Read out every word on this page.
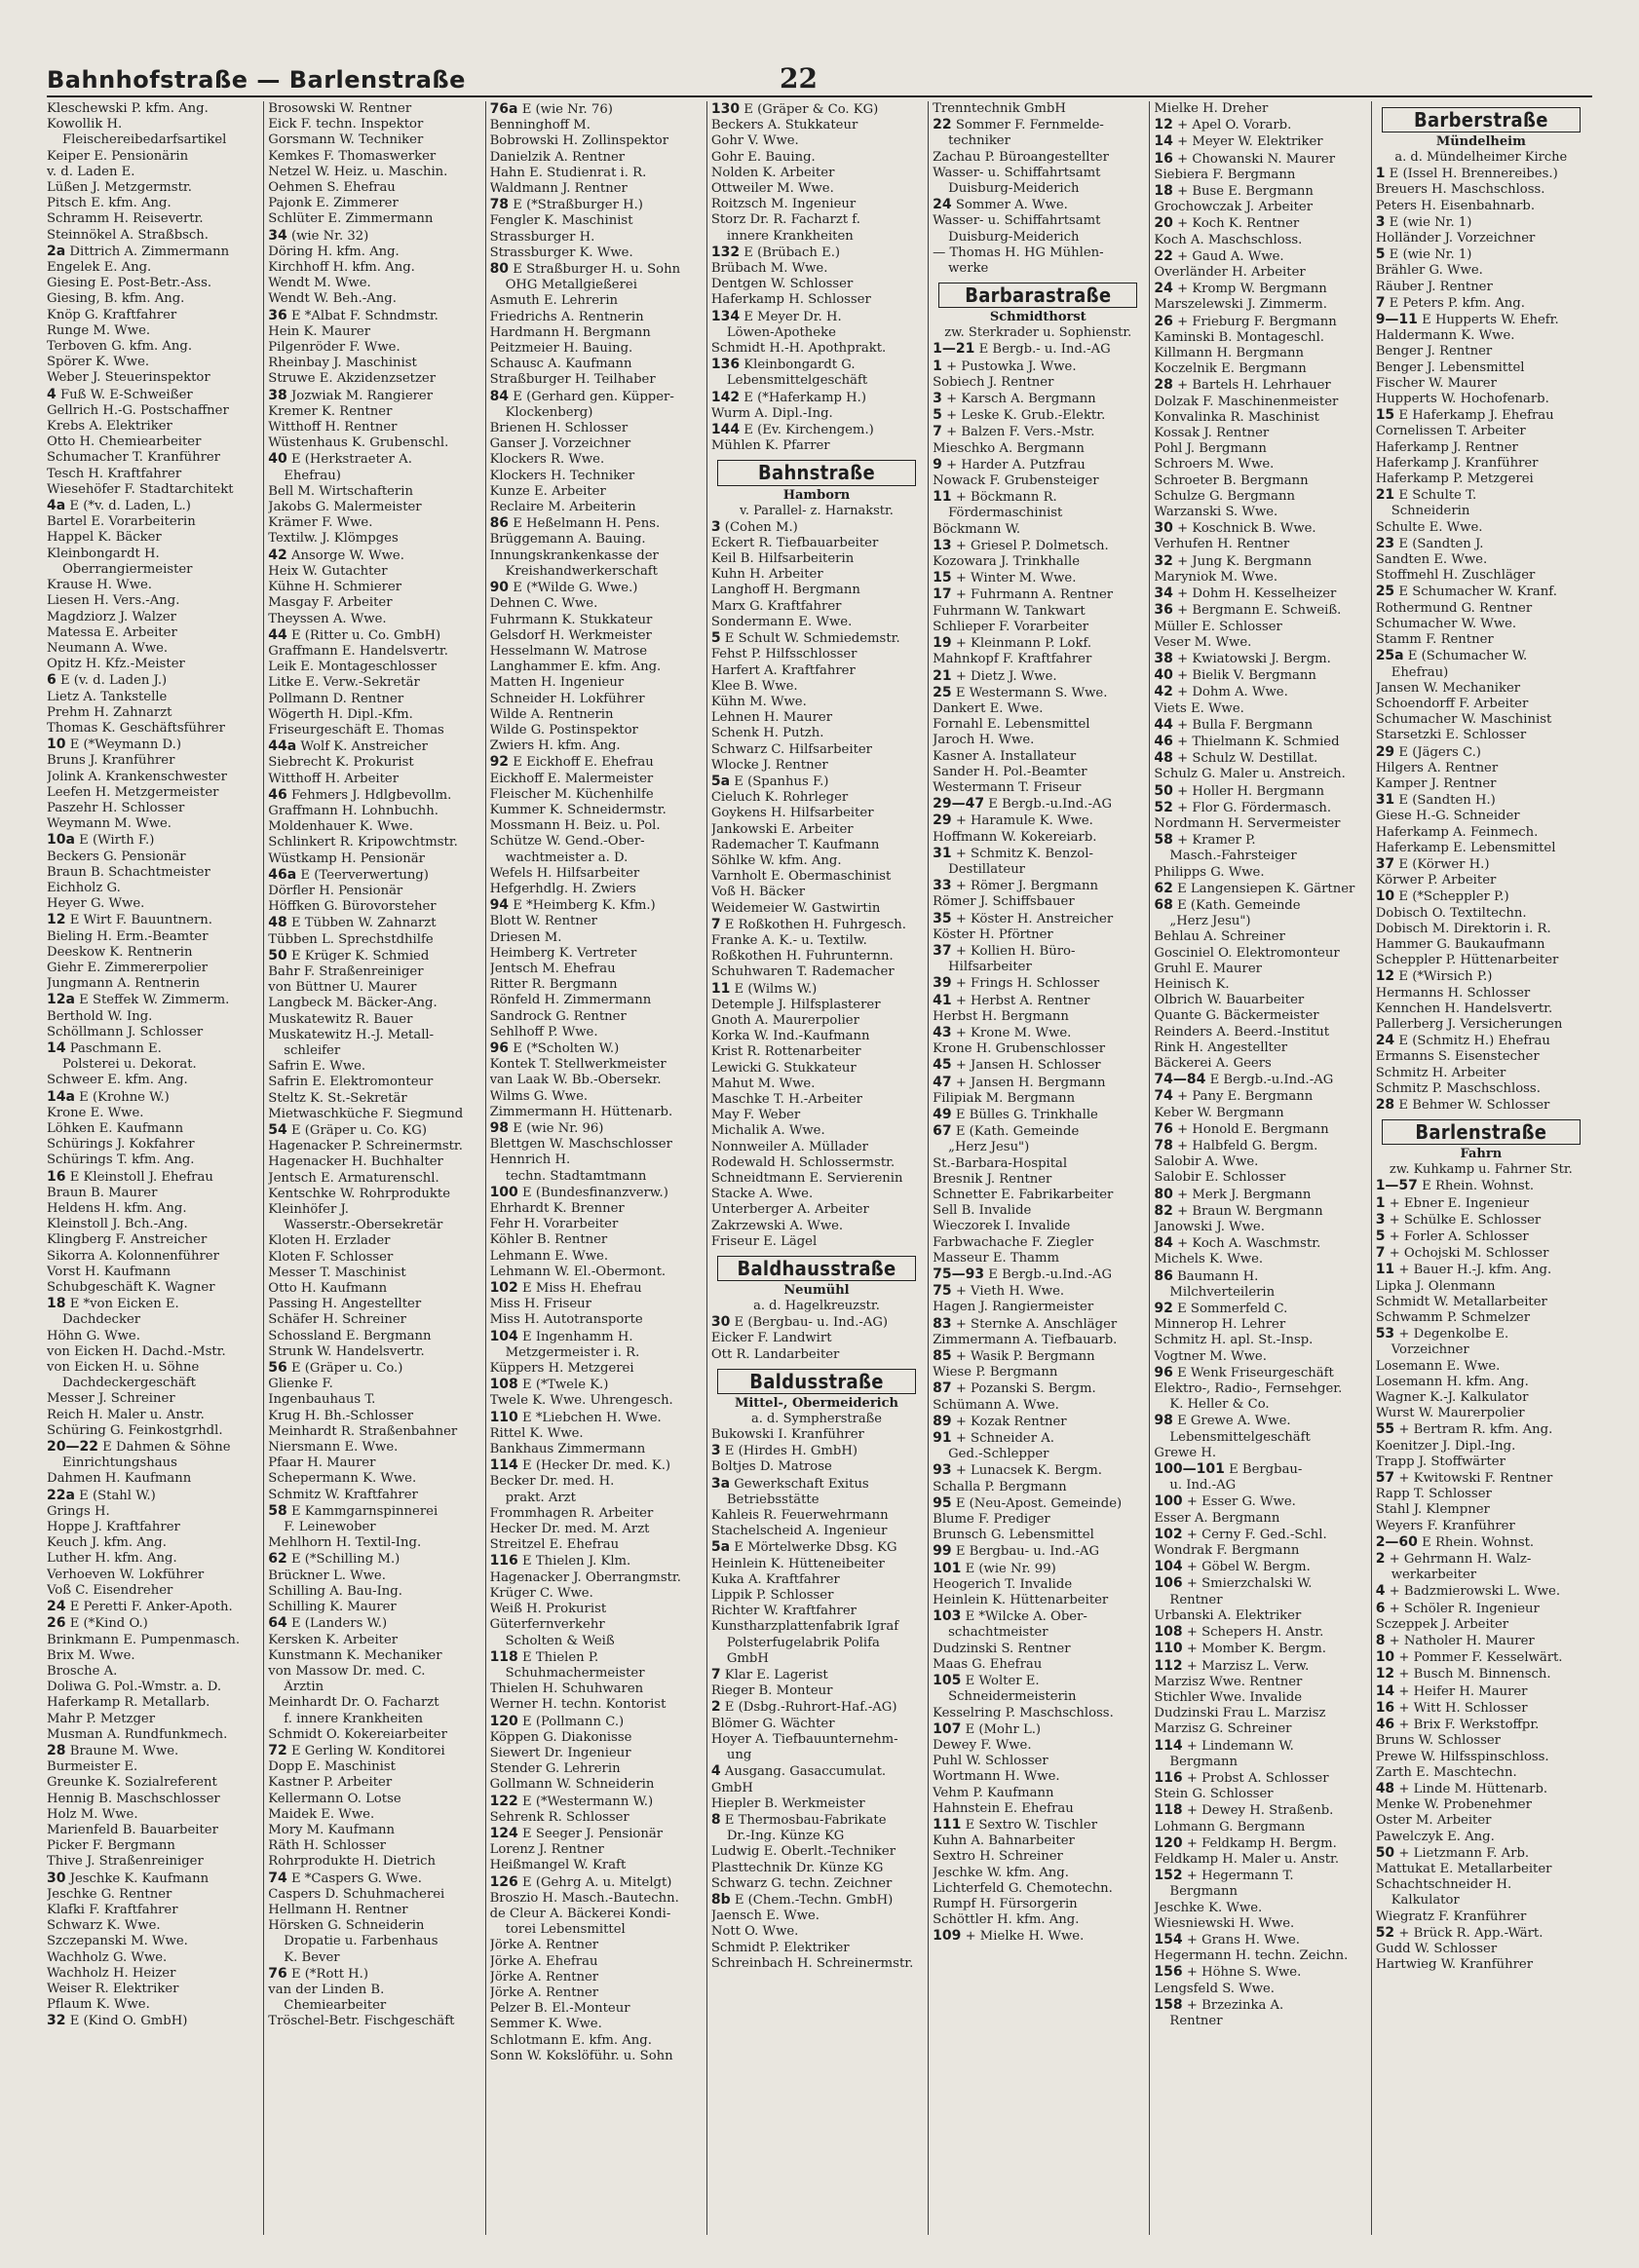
Bahnhofstraße — Barlenstraße	22
Kleschewski P. kfm. Ang.
Kowollik H.
Fleischereibedarfsartikel
Keiper E. Pensionärin
v. d. Laden E.
Lüßen J. Metzgermstr.
Pitsch E. kfm. Ang.
Schramm H. Reisevertr.
Steinnökel A. Straßbsch.
2a Dittrich A. Zimmermann
Engelek E. Ang.
Giesing E. Post-Betr.-Ass.
Giesing, B. kfm. Ang.
Knöp G. Kraftfahrer
Runge M. Wwe.
Terboven G. kfm. Ang.
Spörer K. Wwe.
Weber J. Steuerinspektor
4 Fuß W. E-Schweißer
Gellrich H.-G. Postschaffner
Krebs A. Elektriker
Otto H. Chemiearbeiter
Schumacher T. Kranführer
Tesch H. Kraftfahrer
Wiesehöfer F. Stadtarchitekt
4a E (*v. d. Laden, L.)
Bartel E. Vorarbeiterin
Happel K. Bäcker
Kleinbongardt H.
Oberrangiermeister
Krause H. Wwe.
Liesen H. Vers.-Ang.
Magdziorz J. Walzer
Matessa E. Arbeiter
Neumann A. Wwe.
Opitz H. Kfz.-Meister
6 E (v. d. Laden J.)
Lietz A. Tankstelle
Prehm H. Zahnarzt
Thomas K. Geschäftsführer
10 E (*Weymann D.)
Bruns J. Kranführer
Jolink A. Krankenschwester
Leefen H. Metzgermeister
Paszehr H. Schlosser
Weymann M. Wwe.
10a E (Wirth F.)
Beckers G. Pensionär
Braun B. Schachtmeister
Eichholz G.
Heyer G. Wwe.
12 E Wirt F. Bauuntnern.
Bieling H. Erm.-Beamter
Deeskow K. Rentnerin
Giehr E. Zimmererpolier
Jungmann A. Rentnerin
12a E Steffek W. Zimmerm.
Berthold W. Ing.
Schöllmann J. Schlosser
14 Paschmann E.
Polsterei u. Dekorat.
Schweer E. kfm. Ang.
14a E (Krohne W.)
Krone E. Wwe.
Löhken E. Kaufmann
Schürings J. Kokfahrer
Schürings T. kfm. Ang.
16 E Kleinstoll J. Ehefrau
Braun B. Maurer
Heldens H. kfm. Ang.
Kleinstoll J. Bch.-Ang.
Klingberg F. Anstreicher
Sikorra A. Kolonnenführer
Vorst H. Kaufmann
Schubgeschäft K. Wagner
18 E *von Eicken E.
Dachdecker
Höhn G. Wwe.
von Eicken H. Dachd.-Mstr.
von Eicken H. u. Söhne
Dachdeckergeschäft
Messer J. Schreiner
Reich H. Maler u. Anstr.
Schüring G. Feinkostgrhdl.
20—22 E Dahmen & Söhne
Einrichtungshaus
Dahmen H. Kaufmann
22a E (Stahl W.)
Grings H.
Hoppe J. Kraftfahrer
Keuch J. kfm. Ang.
Luther H. kfm. Ang.
Verhoeven W. Lokführer
Voß C. Eisendreher
24 E Peretti F. Anker-Apoth.
26 E (*Kind O.)
Brinkmann E. Pumpenmasch.
Brix M. Wwe.
Brosche A.
Doliwa G. Pol.-Wmstr. a. D.
Haferkamp R. Metallarb.
Mahr P. Metzger
Musman A. Rundfunkmech.
28 Braune M. Wwe.
Burmeister E.
Greunke K. Sozialreferent
Hennig B. Maschschlosser
Holz M. Wwe.
Marienfeld B. Bauarbeiter
Picker F. Bergmann
Thive J. Straßenreiniger
30 Jeschke K. Kaufmann
Jeschke G. Rentner
Klafki F. Kraftfahrer
Schwarz K. Wwe.
Szczepanski M. Wwe.
Wachholz G. Wwe.
Wachholz H. Heizer
Weiser R. Elektriker
Pflaum K. Wwe.
32 E (Kind O. GmbH)
Brosowski W. Rentner
Eick F. techn. Inspektor
Gorsmann W. Techniker
Kemkes F. Thomaswerker
Netzel W. Heiz. u. Maschin.
Oehmen S. Ehefrau
Pajonk E. Zimmerer
Schlüter E. Zimmermann
34 (wie Nr. 32)
Döring H. kfm. Ang.
Kirchhoff H. kfm. Ang.
Wendt M. Wwe.
Wendt W. Beh.-Ang.
36 E *Albat F. Schndmstr.
Hein K. Maurer
Pilgenröder F. Wwe.
Rheinbay J. Maschinist
Struwe E. Akzidenzsetzer
38 Jozwiak M. Rangierer
Kremer K. Rentner
Witthoff H. Rentner
Wüstenhaus K. Grubenschl.
40 E (Herkstraeter A.
Ehefrau)
Bell M. Wirtschafterin
Jakobs G. Malermeister
Krämer F. Wwe.
Textilw. J. Klömpges
42 Ansorge W. Wwe.
Heix W. Gutachter
Kühne H. Schmierer
Masgay F. Arbeiter
Theyssen A. Wwe.
44 E (Ritter u. Co. GmbH)
Graffmann E. Handelsvertr.
Leik E. Montageschlosser
Litke E. Verw.-Sekretär
Pollmann D. Rentner
Wögerth H. Dipl.-Kfm.
Friseurgeschäft E. Thomas
44a Wolf K. Anstreicher
Siebrecht K. Prokurist
Witthoff H. Arbeiter
46 Fehmers J. Hdlgbevollm.
Graffmann H. Lohnbuchh.
Moldenhauer K. Wwe.
Schlinkert R. Kripowchtmstr.
Wüstkamp H. Pensionär
46a E (Teerverwertung)
Dörfler H. Pensionär
Höffken G. Bürovorsteher
48 E Tübben W. Zahnarzt
Tübben L. Sprechstdhilfe
50 E Krüger K. Schmied
Bahr F. Straßenreiniger
von Büttner U. Maurer
Langbeck M. Bäcker-Ang.
Muskatewitz R. Bauer
Muskatewitz H.-J. Metall-
schleifer
Safrin E. Wwe.
Safrin E. Elektromonteur
Steltz K. St.-Sekretär
Mietwaschküche F. Siegmund
54 E (Gräper u. Co. KG)
Hagenacker P. Schreinermstr.
Hagenacker H. Buchhalter
Jentsch E. Armaturenschl.
Kentschke W. Rohrprodukte
Kleinhöfer J.
Wasserstr.-Obersekretär
Kloten H. Erzlader
Kloten F. Schlosser
Messer T. Maschinist
Otto H. Kaufmann
Passing H. Angestellter
Schäfer H. Schreiner
Schossland E. Bergmann
Strunk W. Handelsvertr.
56 E (Gräper u. Co.)
Glienke F.
Ingenbauhaus T.
Krug H. Bh.-Schlosser
Meinhardt R. Straßenbahner
Niersmann E. Wwe.
Pfaar H. Maurer
Schepermann K. Wwe.
Schmitz W. Kraftfahrer
58 E Kammgarnspinnerei
F. Leinewober
Mehlhorn H. Textil-Ing.
62 E (*Schilling M.)
Brückner L. Wwe.
Schilling A. Bau-Ing.
Schilling K. Maurer
64 E (Landers W.)
Kersken K. Arbeiter
Kunstmann K. Mechaniker
von Massow Dr. med. C.
Ärztin
Meinhardt Dr. O. Facharzt
f. innere Krankheiten
Schmidt O. Kokereiarbeiter
72 E Gerling W. Konditorei
Dopp E. Maschinist
Kastner P. Arbeiter
Kellermann O. Lotse
Maidek E. Wwe.
Mory M. Kaufmann
Räth H. Schlosser
Rohrprodukte H. Dietrich
74 E *Caspers G. Wwe.
Caspers D. Schuhmacherei
Hellmann H. Rentner
Hörsken G. Schneiderin
Dropatie u. Farbenhaus
K. Bever
76 E (*Rott H.)
van der Linden B.
Chemiearbeiter
Tröschel-Betr. Fischgeschäft
76a E (wie Nr. 76)
Benninghoff M.
Bobrowski H. Zollinspektor
Danielzik A. Rentner
Hahn E. Studienrat i. R.
Waldmann J. Rentner
78 E (*Straßburger H.)
Fengler K. Maschinist
Strassburger H.
Strassburger K. Wwe.
80 E Straßburger H. u. Sohn
OHG Metallgießerei
Asmuth E. Lehrerin
Friedrichs A. Rentnerin
Hardmann H. Bergmann
Peitzmeier H. Bauing.
Schausc A. Kaufmann
Straßburger H. Teilhaber
84 E (Gerhard gen. Küpper-
Klockenberg)
Brienen H. Schlosser
Ganser J. Vorzeichner
Klockers R. Wwe.
Klockers H. Techniker
Kunze E. Arbeiter
Reclaire M. Arbeiterin
86 E Heßelmann H. Pens.
Brüggemann A. Bauing.
Innungskrankenkasse der
Kreishandwerkerschaft
90 E (*Wilde G. Wwe.)
Dehnen C. Wwe.
Fuhrmann K. Stukkateur
Gelsdorf H. Werkmeister
Hesselmann W. Matrose
Langhammer E. kfm. Ang.
Matten H. Ingenieur
Schneider H. Lokführer
Wilde A. Rentnerin
Wilde G. Postinspektor
Zwiers H. kfm. Ang.
92 E Eickhoff E. Ehefrau
Eickhoff E. Malermeister
Fleischer M. Küchenhilfe
Kummer K. Schneidermstr.
Mossmann H. Beiz. u. Pol.
Schütze W. Gend.-Ober-
wachtmeister a. D.
Wefels H. Hilfsarbeiter
Hefgerhdlg. H. Zwiers
94 E *Heimberg K. Kfm.)
Blott W. Rentner
Driesen M.
Heimberg K. Vertreter
Jentsch M. Ehefrau
Ritter R. Bergmann
Rönfeld H. Zimmermann
Sandrock G. Rentner
Sehlhoff P. Wwe.
96 E (*Scholten W.)
Kontek T. Stellwerkmeister
van Laak W. Bb.-Obersekr.
Wilms G. Wwe.
Zimmermann H. Hüttenarb.
98 E (wie Nr. 96)
Blettgen W. Maschschlosser
Hennrich H.
techn. Stadtamtmann
100 E (Bundesfinanzverw.)
Ehrhardt K. Brenner
Fehr H. Vorarbeiter
Köhler B. Rentner
Lehmann E. Wwe.
Lehmann W. El.-Obermont.
102 E Miss H. Ehefrau
Miss H. Friseur
Miss H. Autotransporte
104 E Ingenhamm H.
Metzgermeister i. R.
Küppers H. Metzgerei
108 E (*Twele K.)
Twele K. Wwe. Uhrengesch.
110 E *Liebchen H. Wwe.
Rittel K. Wwe.
Bankhaus Zimmermann
114 E (Hecker Dr. med. K.)
Becker Dr. med. H.
prakt. Arzt
Frommhagen R. Arbeiter
Hecker Dr. med. M. Arzt
Streitzel E. Ehefrau
116 E Thielen J. Klm.
Hagenacker J. Oberrangmstr.
Krüger C. Wwe.
Weiß H. Prokurist
Güterfernverkehr
Scholten & Weiß
118 E Thielen P.
Schuhmachermeister
Thielen H. Schuhwaren
Werner H. techn. Kontorist
120 E (Pollmann C.)
Köppen G. Diakonisse
Siewert Dr. Ingenieur
Stender G. Lehrerin
Gollmann W. Schneiderin
122 E (*Westermann W.)
Sehrenk R. Schlosser
124 E Seeger J. Pensionär
Lorenz J. Rentner
Heißmangel W. Kraft
126 E (Gehrg A. u. Mitelgt)
Broszio H. Masch.-Bautechn.
de Cleur A. Bäckerei Kondi-
torei Lebensmittel
Jörke A. Rentner
Jörke A. Ehefrau
Jörke A. Rentner
Jörke A. Rentner
Pelzer B. El.-Monteur
Semmer K. Wwe.
Schlotmann E. kfm. Ang.
Sonn W. Kokslöführ. u. Sohn
130 E (Gräper & Co. KG)
Beckers A. Stukkateur
Gohr V. Wwe.
Gohr E. Bauing.
Nolden K. Arbeiter
Ottweiler M. Wwe.
Roitzsch M. Ingenieur
Storz Dr. R. Facharzt f.
innere Krankheiten
132 E (Brübach E.)
Brübach M. Wwe.
Dentgen W. Schlosser
Haferkamp H. Schlosser
134 E Meyer Dr. H.
Löwen-Apotheke
Schmidt H.-H. Apothprakt.
136 Kleinbongardt G.
Lebensmittelgeschäft
142 E (*Haferkamp H.)
Wurm A. Dipl.-Ing.
144 E (Ev. Kirchengem.)
Mühlen K. Pfarrer
Bahnstraße
Hamborn
v. Parallel- z. Harnakstr.
3 (Cohen M.)
Eckert R. Tiefbauarbeiter
Keil B. Hilfsarbeiterin
Kuhn H. Arbeiter
Langhoff H. Bergmann
Marx G. Kraftfahrer
Sondermann E. Wwe.
5 E Schult W. Schmiedemstr.
Fehst P. Hilfsschlosser
Harfert A. Kraftfahrer
Klee B. Wwe.
Kühn M. Wwe.
Lehnen H. Maurer
Schenk H. Putzh.
Schwarz C. Hilfsarbeiter
Wlocke J. Rentner
5a E (Spanhus F.)
Cieluch K. Rohrleger
Goykens H. Hilfsarbeiter
Jankowski E. Arbeiter
Rademacher T. Kaufmann
Söhlke W. kfm. Ang.
Varnholt E. Obermaschinist
Voß H. Bäcker
Weidemeier W. Gastwirtin
7 E Roßkothen H. Fuhrgesch.
Franke A. K.- u. Textilw.
Roßkothen H. Fuhrunternn.
Schuhwaren T. Rademacher
11 E (Wilms W.)
Detemple J. Hilfsplasterer
Gnoth A. Maurerpolier
Korka W. Ind.-Kaufmann
Krist R. Rottenarbeiter
Lewicki G. Stukkateur
Mahut M. Wwe.
Maschke T. H.-Arbeiter
May F. Weber
Michalik A. Wwe.
Nonnweiler A. Müllader
Rodewald H. Schlossermstr.
Schneidtmann E. Servierenin
Stacke A. Wwe.
Unterberger A. Arbeiter
Zakrzewski A. Wwe.
Friseur E. Lägel
Baldhausstraße
Neumühl
a. d. Hagelkreuzstr.
30 E (Bergbau- u. Ind.-AG)
Eicker F. Landwirt
Ott R. Landarbeiter
Baldusstraße
Mittel-, Obermeiderich
a. d. Sympherstraße
Bukowski I. Kranführer
3 E (Hirdes H. GmbH)
Boltjes D. Matrose
3a Gewerkschaft Exitus
Betriebsstätte
Kahleis R. Feuerwehrmann
Stachelscheid A. Ingenieur
5a E Mörtelwerke Dbsg. KG
Heinlein K. Hütteneibeiter
Kuka A. Kraftfahrer
Lippik P. Schlosser
Richter W. Kraftfahrer
Kunstharzplattenfabrik Igraf
Polsterfugelabrik Polifa
GmbH
7 Klar E. Lagerist
Rieger B. Monteur
2 E (Dsbg.-Ruhrort-Haf.-AG)
Blömer G. Wächter
Hoyer A. Tiefbauunternehm-
ung
4 Ausgang. Gasaccumulat.
GmbH
Hiepler B. Werkmeister
8 E Thermosbau-Fabrikate
Dr.-Ing. Künze KG
Ludwig E. Oberlt.-Techniker
Plasttechnik Dr. Künze KG
Schwarz G. techn. Zeichner
8b E (Chem.-Techn. GmbH)
Jaensch E. Wwe.
Nott O. Wwe.
Schmidt P. Elektriker
Schreinbach H. Schreinermstr.
Trenntechnik GmbH
22 Sommer F. Fernmelde-
techniker
Zachau P. Büroangestellter
Wasser- u. Schiffahrtsamt
Duisburg-Meiderich
24 Sommer A. Wwe.
Wasser- u. Schiffahrtsamt
Duisburg-Meiderich
— Thomas H. HG Mühlen-
werke
Barbarastraße
Schmidthorst
zw. Sterkrader u. Sophienstr.
1—21 E Bergb.- u. Ind.-AG
1 + Pustowka J. Wwe.
Sobiech J. Rentner
3 + Karsch A. Bergmann
5 + Leske K. Grub.-Elektr.
7 + Balzen F. Vers.-Mstr.
Mieschko A. Bergmann
9 + Harder A. Putzfrau
Nowack F. Grubensteiger
11 + Böckmann R.
Fördermaschinist
Böckmann W.
13 + Griesel P. Dolmetsch.
Kozowara J. Trinkhalle
15 + Winter M. Wwe.
17 + Fuhrmann A. Rentner
Fuhrmann W. Tankwart
Schlieper F. Vorarbeiter
19 + Kleinmann P. Lokf.
Mahnkopf F. Kraftfahrer
21 + Dietz J. Wwe.
25 E Westermann S. Wwe.
Dankert E. Wwe.
Fornahl E. Lebensmittel
Jaroch H. Wwe.
Kasner A. Installateur
Sander H. Pol.-Beamter
Westermann T. Friseur
29—47 E Bergb.-u.Ind.-AG
29 + Haramule K. Wwe.
Hoffmann W. Kokereiarb.
31 + Schmitz K. Benzol-
Destillateur
33 + Römer J. Bergmann
Römer J. Schiffsbauer
35 + Köster H. Anstreicher
Köster H. Pförtner
37 + Kollien H. Büro-
Hilfsarbeiter
39 + Frings H. Schlosser
41 + Herbst A. Rentner
Herbst H. Bergmann
43 + Krone M. Wwe.
Krone H. Grubenschlosser
45 + Jansen H. Schlosser
47 + Jansen H. Bergmann
Filipiak M. Bergmann
49 E Bülles G. Trinkhalle
67 E (Kath. Gemeinde
„Herz Jesu")
St.-Barbara-Hospital
Bresnik J. Rentner
Schnetter E. Fabrikarbeiter
Sell B. Invalide
Wieczorek I. Invalide
Farbwachache F. Ziegler
Masseur E. Thamm
75—93 E Bergb.-u.Ind.-AG
75 + Vieth H. Wwe.
Hagen J. Rangiermeister
83 + Sternke A. Anschläger
Zimmermann A. Tiefbauarb.
85 + Wasik P. Bergmann
Wiese P. Bergmann
87 + Pozanski S. Bergm.
Schümann A. Wwe.
89 + Kozak Rentner
91 + Schneider A.
Ged.-Schlepper
93 + Lunacsek K. Bergm.
Schalla P. Bergmann
95 E (Neu-Apost. Gemeinde)
Blume F. Prediger
Brunsch G. Lebensmittel
99 E Bergbau- u. Ind.-AG
101 E (wie Nr. 99)
Heogerich T. Invalide
Heinlein K. Hüttenarbeiter
103 E *Wilcke A. Ober-
schachtmeister
Dudzinski S. Rentner
Maas G. Ehefrau
105 E Wolter E.
Schneidermeisterin
Kesselring P. Maschschloss.
107 E (Mohr L.)
Dewey F. Wwe.
Puhl W. Schlosser
Wortmann H. Wwe.
Vehm P. Kaufmann
Hahnstein E. Ehefrau
111 E Sextro W. Tischler
Kuhn A. Bahnarbeiter
Sextro H. Schreiner
Jeschke W. kfm. Ang.
Lichterfeld G. Chemotechn.
Rumpf H. Fürsorgerin
Schöttler H. kfm. Ang.
109 + Mielke H. Wwe.
Mielke H. Dreher
12 + Apel O. Vorarb.
14 + Meyer W. Elektriker
16 + Chowanski N. Maurer
Siebiera F. Bergmann
18 + Buse E. Bergmann
Grochowczak J. Arbeiter
20 + Koch K. Rentner
Koch A. Maschschloss.
22 + Gaud A. Wwe.
Overländer H. Arbeiter
24 + Kromp W. Bergmann
Marszelewski J. Zimmerm.
26 + Frieburg F. Bergmann
Kaminski B. Montageschl.
Killmann H. Bergmann
Koczelnik E. Bergmann
28 + Bartels H. Lehrhauer
Dolzak F. Maschinenmeister
Konvalinka R. Maschinist
Kossak J. Rentner
Pohl J. Bergmann
Schroers M. Wwe.
Schroeter B. Bergmann
Schulze G. Bergmann
Warzanski S. Wwe.
30 + Koschnick B. Wwe.
Verhufen H. Rentner
32 + Jung K. Bergmann
Maryniok M. Wwe.
34 + Dohm H. Kesselheizer
36 + Bergmann E. Schweiß.
Müller E. Schlosser
Veser M. Wwe.
38 + Kwiatowski J. Bergm.
40 + Bielik V. Bergmann
42 + Dohm A. Wwe.
Viets E. Wwe.
44 + Bulla F. Bergmann
46 + Thielmann K. Schmied
48 + Schulz W. Destillat.
Schulz G. Maler u. Anstreich.
50 + Holler H. Bergmann
52 + Flor G. Fördermasch.
Nordmann H. Servermeister
58 + Kramer P.
Masch.-Fahrsteiger
Philipps G. Wwe.
62 E Langensiepen K. Gärtner
68 E (Kath. Gemeinde
„Herz Jesu")
Behlau A. Schreiner
Gosciniel O. Elektromonteur
Gruhl E. Maurer
Heinisch K.
Olbrich W. Bauarbeiter
Quante G. Bäckermeister
Reinders A. Beerd.-Institut
Rink H. Angestellter
Bäckerei A. Geers
74—84 E Bergb.-u.Ind.-AG
74 + Pany E. Bergmann
Keber W. Bergmann
76 + Honold E. Bergmann
78 + Halbfeld G. Bergm.
Salobir A. Wwe.
Salobir E. Schlosser
80 + Merk J. Bergmann
82 + Braun W. Bergmann
Janowski J. Wwe.
84 + Koch A. Waschmstr.
Michels K. Wwe.
86 Baumann H.
Milchverteilerin
92 E Sommerfeld C.
Minnerop H. Lehrer
Schmitz H. apl. St.-Insp.
Vogtner M. Wwe.
96 E Wenk Friseurgeschäft
Elektro-, Radio-, Fernsehger.
K. Heller & Co.
98 E Grewe A. Wwe.
Lebensmittelgeschäft
Grewe H.
100—101 E Bergbau-
u. Ind.-AG
100 + Esser G. Wwe.
Esser A. Bergmann
102 + Cerny F. Ged.-Schl.
Wondrak F. Bergmann
104 + Göbel W. Bergm.
106 + Smierzchalski W.
Rentner
Urbanski A. Elektriker
108 + Schepers H. Anstr.
110 + Momber K. Bergm.
112 + Marzisz L. Verw.
Marzisz Wwe. Rentner
Stichler Wwe. Invalide
Dudzinski Frau L. Marzisz
Marzisz G. Schreiner
114 + Lindemann W.
Bergmann
116 + Probst A. Schlosser
Stein G. Schlosser
118 + Dewey H. Straßenb.
Lohmann G. Bergmann
120 + Feldkamp H. Bergm.
Feldkamp H. Maler u. Anstr.
152 + Hegermann T.
Bergmann
Jeschke K. Wwe.
Wiesniewski H. Wwe.
154 + Grans H. Wwe.
Hegermann H. techn. Zeichn.
156 + Höhne S. Wwe.
Lengsfeld S. Wwe.
158 + Brzezinka A.
Rentner
Barberstraße
Mündelheim
a. d. Mündelheimer Kirche
1 E (Issel H. Brennereibes.)
Breuers H. Maschschloss.
Peters H. Eisenbahnarb.
3 E (wie Nr. 1)
Holländer J. Vorzeichner
5 E (wie Nr. 1)
Brähler G. Wwe.
Räuber J. Rentner
7 E Peters P. kfm. Ang.
9—11 E Hupperts W. Ehefr.
Haldermann K. Wwe.
Benger J. Rentner
Benger J. Lebensmittel
Fischer W. Maurer
Hupperts W. Hochofenarb.
15 E Haferkamp J. Ehefrau
Cornelissen T. Arbeiter
Haferkamp J. Rentner
Haferkamp J. Kranführer
Haferkamp P. Metzgerei
21 E Schulte T.
Schneiderin
Schulte E. Wwe.
23 E (Sandten J.
Sandten E. Wwe.
Stoffmehl H. Zuschläger
25 E Schumacher W. Kranf.
Rothermund G. Rentner
Schumacher W. Wwe.
Stamm F. Rentner
25a E (Schumacher W.
Ehefrau)
Jansen W. Mechaniker
Schoendorff F. Arbeiter
Schumacher W. Maschinist
Starsetzki E. Schlosser
29 E (Jägers C.)
Hilgers A. Rentner
Kamper J. Rentner
31 E (Sandten H.)
Giese H.-G. Schneider
Haferkamp A. Feinmech.
Haferkamp E. Lebensmittel
37 E (Körwer H.)
Körwer P. Arbeiter
10 E (*Scheppler P.)
Dobisch O. Textiltechn.
Dobisch M. Direktorin i. R.
Hammer G. Baukaufmann
Scheppler P. Hüttenarbeiter
12 E (*Wirsich P.)
Hermanns H. Schlosser
Kennchen H. Handelsvertr.
Pallerberg J. Versicherungen
24 E (Schmitz H.) Ehefrau
Ermanns S. Eisenstecher
Schmitz H. Arbeiter
Schmitz P. Maschschloss.
28 E Behmer W. Schlosser
Barlenstraße
Fahrn
zw. Kuhkamp u. Fahrner Str.
1—57 E Rhein. Wohnst.
1 + Ebner E. Ingenieur
3 + Schülke E. Schlosser
5 + Forler A. Schlosser
7 + Ochojski M. Schlosser
11 + Bauer H.-J. kfm. Ang.
Lipka J. Olenmann
Schmidt W. Metallarbeiter
Schwamm P. Schmelzer
53 + Degenkolbe E.
Vorzeichner
Losemann E. Wwe.
Losemann H. kfm. Ang.
Wagner K.-J. Kalkulator
Wurst W. Maurerpolier
55 + Bertram R. kfm. Ang.
Koenitzer J. Dipl.-Ing.
Trapp J. Stoffwärter
57 + Kwitowski F. Rentner
Rapp T. Schlosser
Stahl J. Klempner
Weyers F. Kranführer
2—60 E Rhein. Wohnst.
2 + Gehrmann H. Walz-
werkarbeiter
4 + Badzmierowski L. Wwe.
6 + Schöler R. Ingenieur
Sczeppek J. Arbeiter
8 + Natholer H. Maurer
10 + Pommer F. Kesselwärt.
12 + Busch M. Binnensch.
14 + Heifer H. Maurer
16 + Witt H. Schlosser
46 + Brix F. Werkstoffpr.
Bruns W. Schlosser
Prewe W. Hilfsspinschloss.
Zarth E. Maschtechn.
48 + Linde M. Hüttenarb.
Menke W. Probenehmer
Oster M. Arbeiter
Pawelczyk E. Ang.
50 + Lietzmann F. Arb.
Mattukat E. Metallarbeiter
Schachtschneider H.
Kalkulator
Wiegratz F. Kranführer
52 + Brück R. App.-Wärt.
Gudd W. Schlosser
Hartwieg W. Kranführer
